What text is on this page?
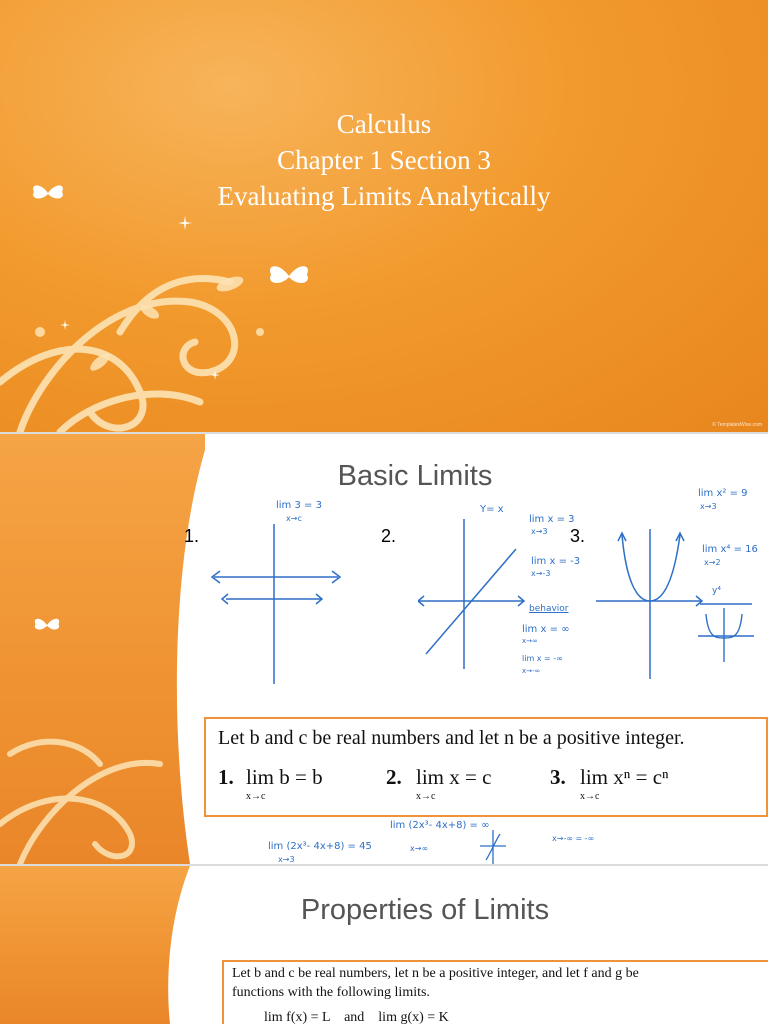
Calculus
Chapter 1 Section 3
Evaluating Limits Analytically
© TemplatesWise.com
Basic Limits
1.	2.	3.
lim 3 = 3
x→c
Y= x
lim x = 3
x→3
lim x = -3
x→-3
behavior
lim x = ∞
x→∞
lim x = -∞
x→-∞
lim x² = 9
x→3
lim x⁴ = 16
x→2
y⁴
Let b and c be real numbers and let n be a positive integer.
1. lim b = b
x→c
2. lim x = c
x→c
3. lim xⁿ = cⁿ
x→c
lim (2x³- 4x+8) = 45
x→3
lim (2x³- 4x+8) = ∞
x→∞
x→-∞ = -∞
Properties of Limits
Let b and c be real numbers, let n be a positive integer, and let f and g be
functions with the following limits.
lim f(x) = L    and    lim g(x) = K
